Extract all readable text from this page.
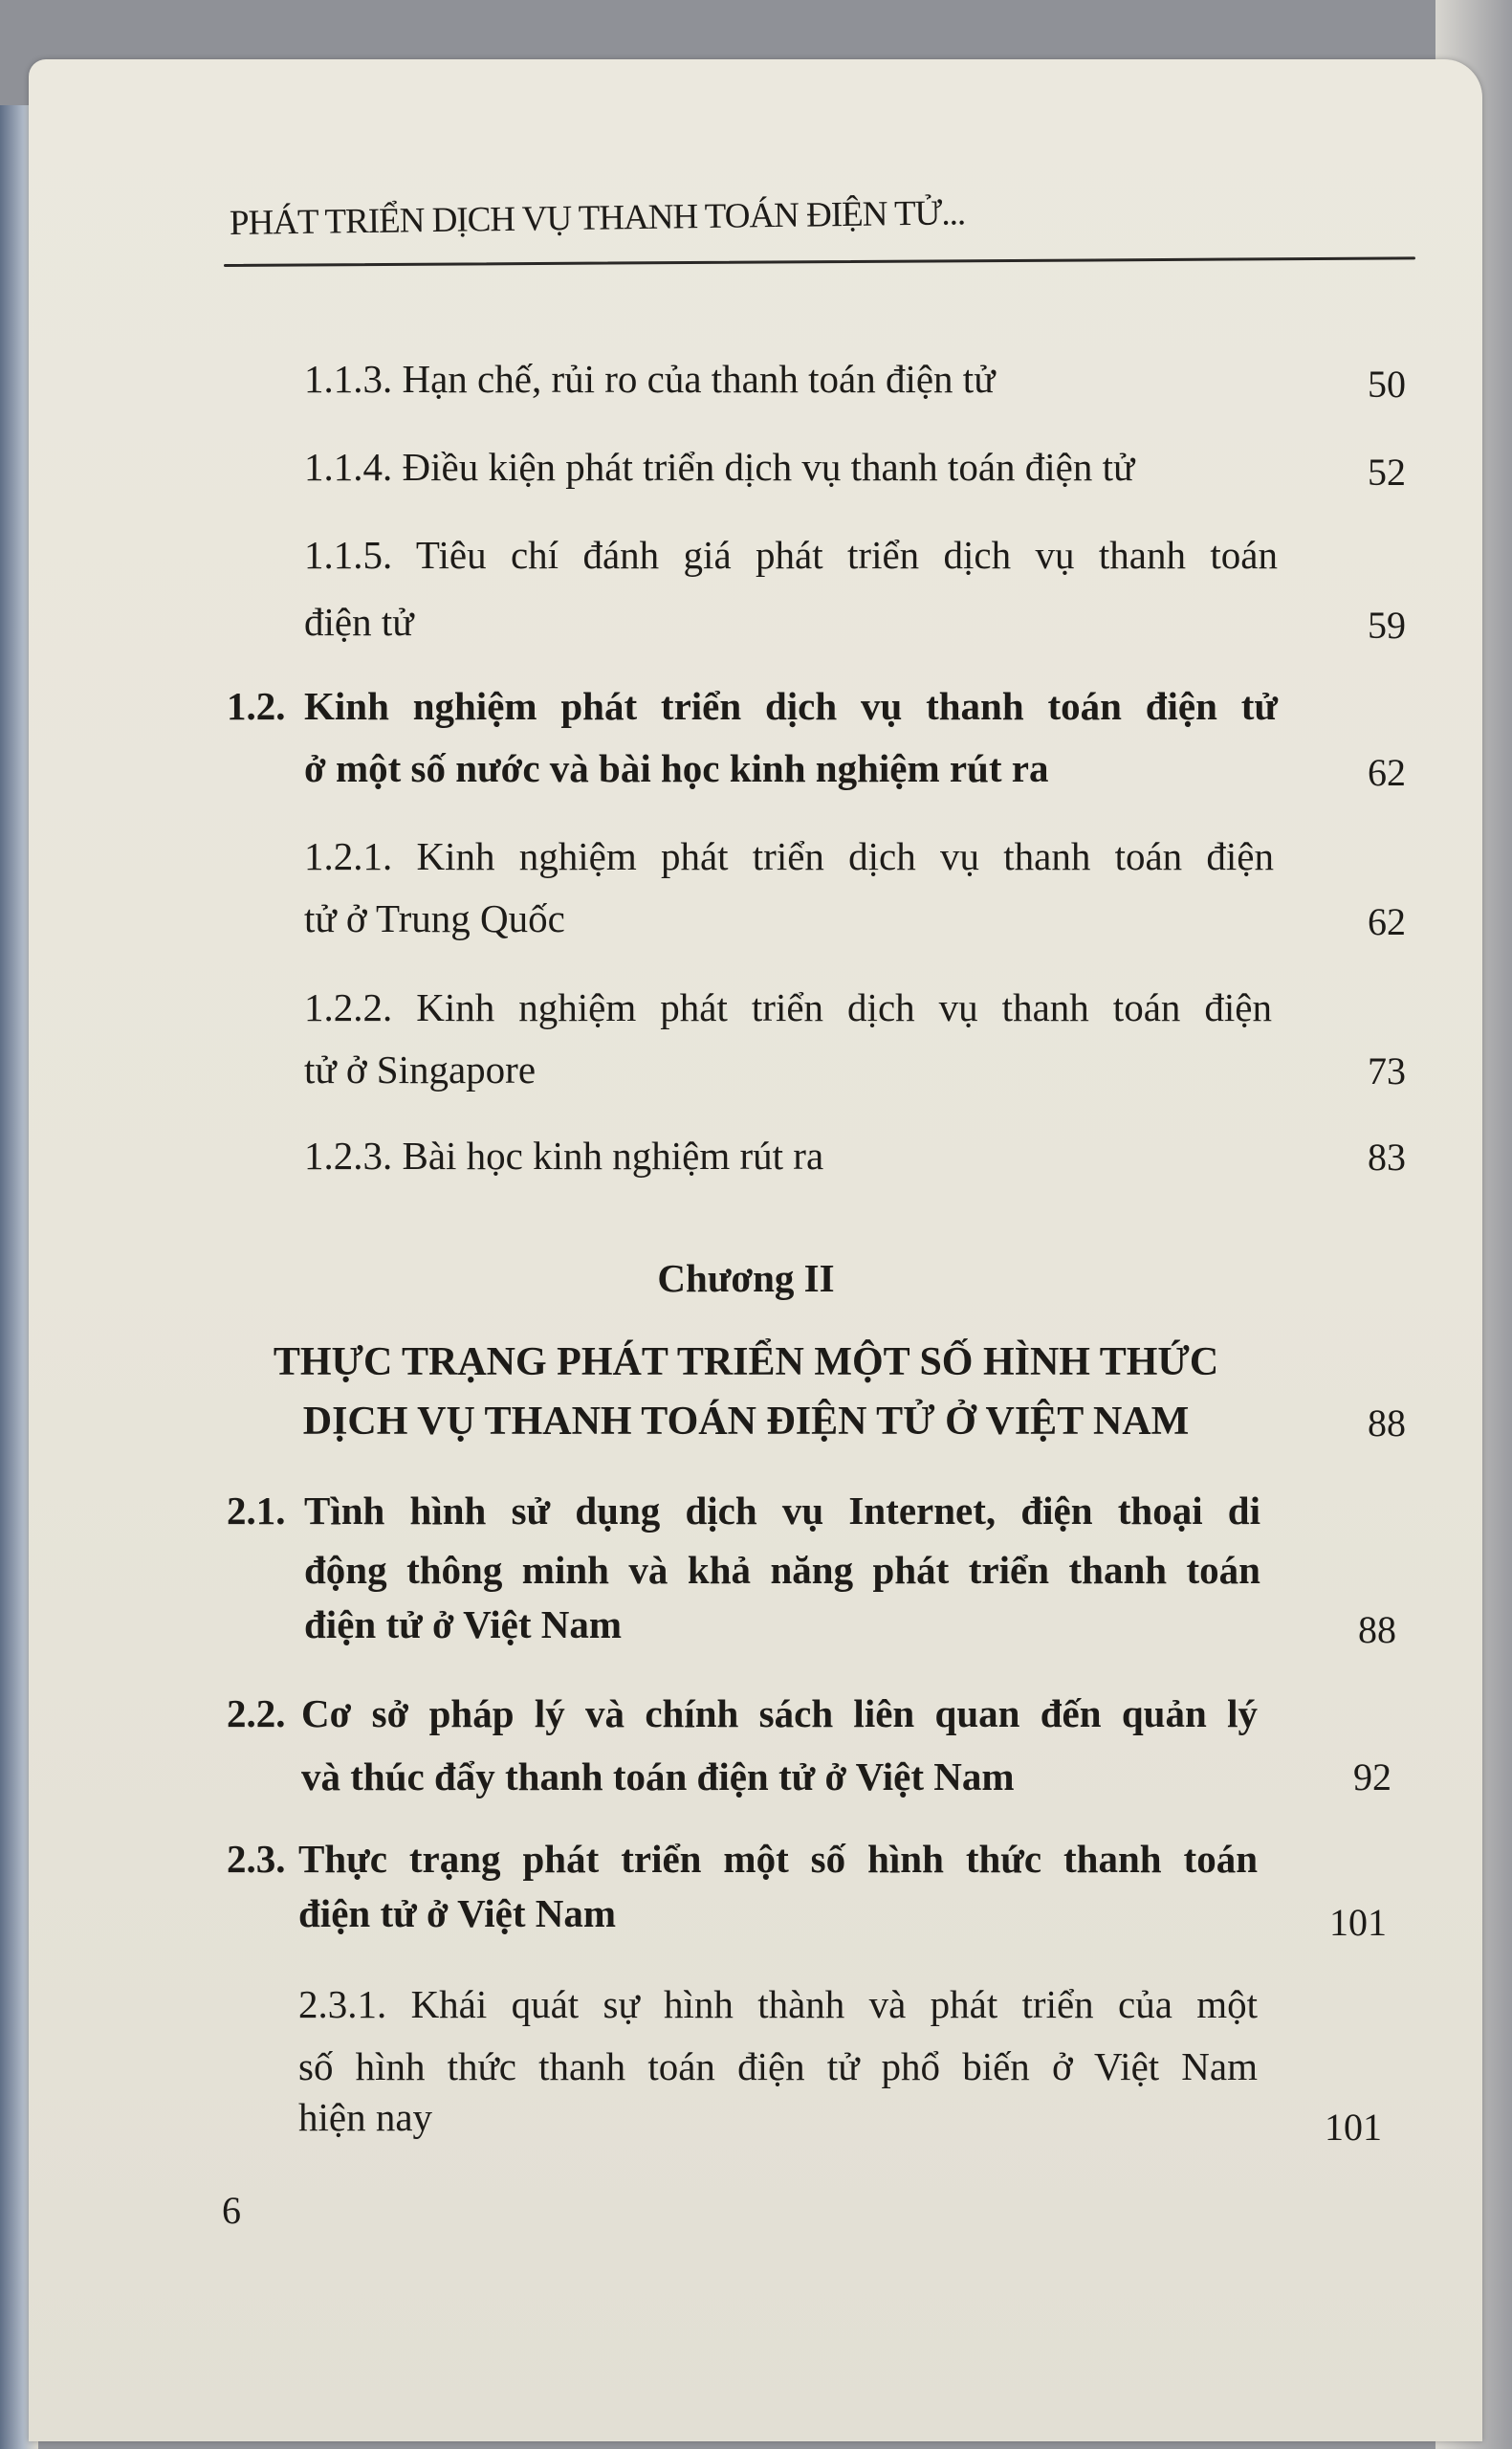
PHÁT TRIỂN DỊCH VỤ THANH TOÁN ĐIỆN TỬ...
1.1.3. Hạn chế, rủi ro của thanh toán điện tử	50
1.1.4. Điều kiện phát triển dịch vụ thanh toán điện tử	52
1.1.5. Tiêu chí đánh giá phát triển dịch vụ thanh toán
điện tử	59
1.2. Kinh nghiệm phát triển dịch vụ thanh toán điện tử
ở một số nước và bài học kinh nghiệm rút ra	62
1.2.1. Kinh nghiệm phát triển dịch vụ thanh toán điện
tử ở Trung Quốc	62
1.2.2. Kinh nghiệm phát triển dịch vụ thanh toán điện
tử ở Singapore	73
1.2.3. Bài học kinh nghiệm rút ra	83
Chương II
THỰC TRẠNG PHÁT TRIỂN MỘT SỐ HÌNH THỨC
DỊCH VỤ THANH TOÁN ĐIỆN TỬ Ở VIỆT NAM	88
2.1. Tình hình sử dụng dịch vụ Internet, điện thoại di
động thông minh và khả năng phát triển thanh toán
điện tử ở Việt Nam	88
2.2. Cơ sở pháp lý và chính sách liên quan đến quản lý
và thúc đẩy thanh toán điện tử ở Việt Nam	92
2.3. Thực trạng phát triển một số hình thức thanh toán
điện tử ở Việt Nam	101
2.3.1. Khái quát sự hình thành và phát triển của một
số hình thức thanh toán điện tử phổ biến ở Việt Nam
hiện nay	101
6
